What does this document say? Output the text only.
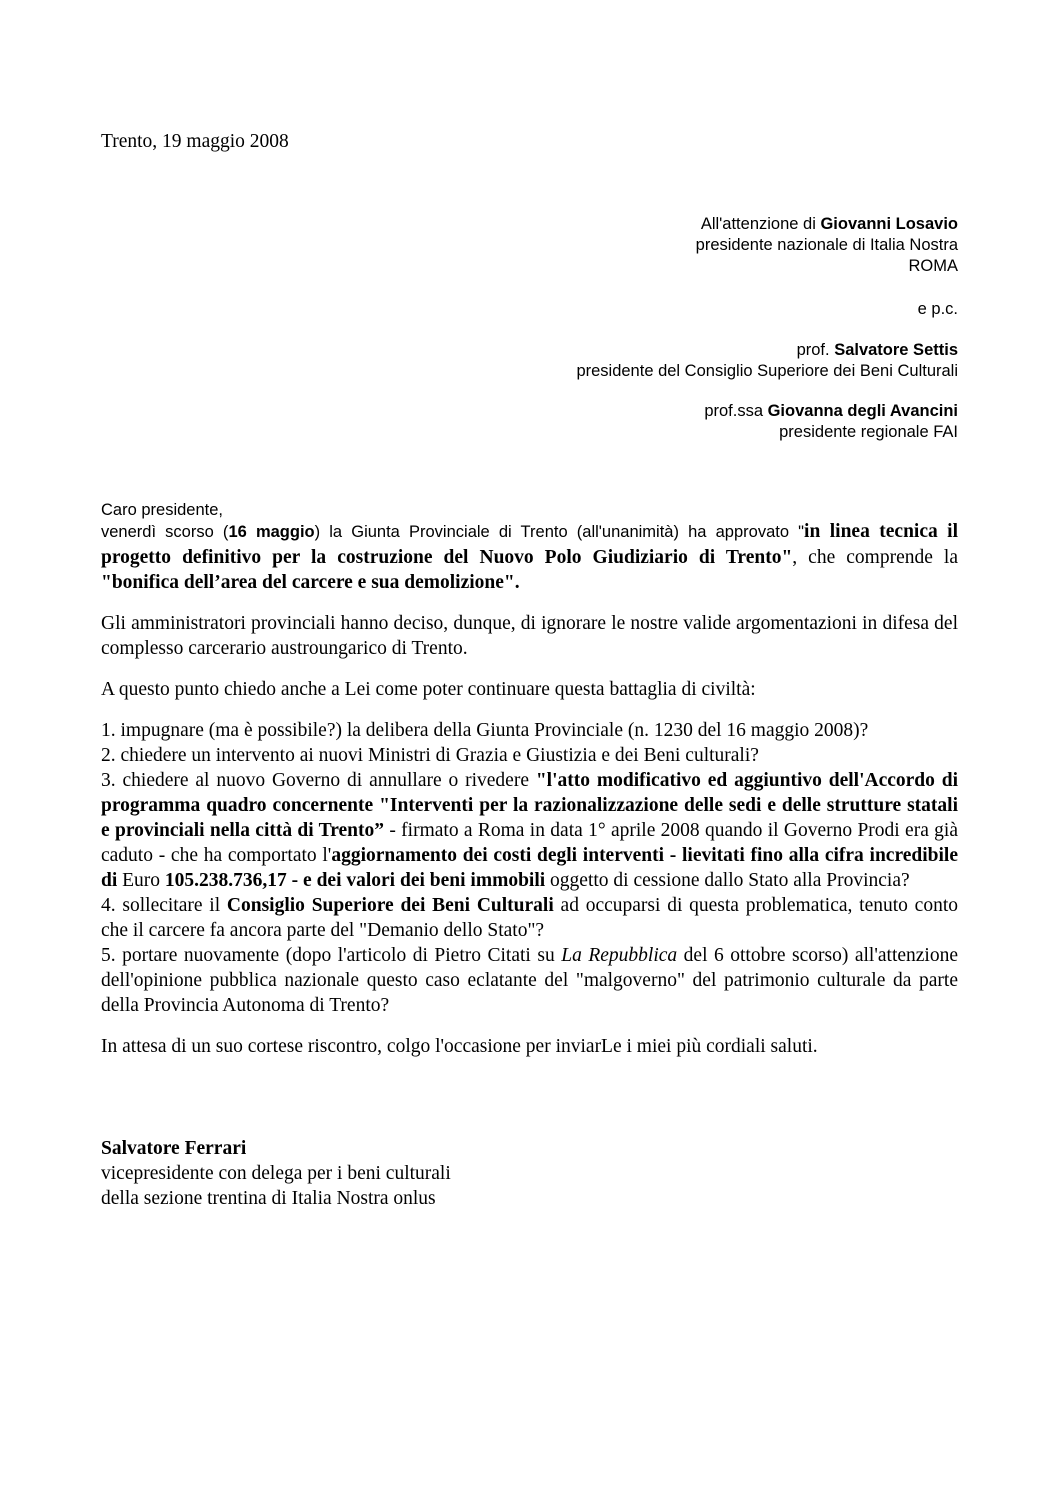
Trento, 19 maggio 2008

All'attenzione di Giovanni Losavio
presidente nazionale di Italia Nostra
ROMA
e p.c.
prof. Salvatore Settis
presidente del Consiglio Superiore dei Beni Culturali
prof.ssa Giovanna degli Avancini
presidente regionale FAI

Caro presidente,

venerdì scorso (16 maggio) la Giunta Provinciale di Trento (all'unanimità) ha approvato "in linea tecnica il progetto definitivo per la costruzione del Nuovo Polo Giudiziario di Trento", che comprende la "bonifica dell’area del carcere e sua demolizione".

Gli amministratori provinciali hanno deciso, dunque, di ignorare le nostre valide argomentazioni in difesa del complesso carcerario austroungarico di Trento.

A questo punto chiedo anche a Lei come poter continuare questa battaglia di civiltà:

1. impugnare (ma è possibile?) la delibera della Giunta Provinciale (n. 1230 del 16 maggio 2008)?

2. chiedere un intervento ai nuovi Ministri di Grazia e Giustizia e dei Beni culturali?

3. chiedere al nuovo Governo di annullare o rivedere "l'atto modificativo ed aggiuntivo dell'Accordo di programma quadro concernente "Interventi per la razionalizzazione delle sedi e delle strutture statali e provinciali nella città di Trento” - firmato a Roma in data 1° aprile 2008 quando il Governo Prodi era già caduto - che ha comportato l'aggiornamento dei costi degli interventi - lievitati fino alla cifra incredibile di Euro 105.238.736,17 - e dei valori dei beni immobili oggetto di cessione dallo Stato alla Provincia?

4. sollecitare il Consiglio Superiore dei Beni Culturali ad occuparsi di questa problematica, tenuto conto che il carcere fa ancora parte del "Demanio dello Stato"?

5. portare nuovamente (dopo l'articolo di Pietro Citati su La Repubblica del 6 ottobre scorso) all'attenzione dell'opinione pubblica nazionale questo caso eclatante del "malgoverno" del patrimonio culturale da parte della Provincia Autonoma di Trento?

In attesa di un suo cortese riscontro, colgo l'occasione per inviarLe i miei più cordiali saluti.

Salvatore Ferrari
vicepresidente con delega per i beni culturali
della sezione trentina di Italia Nostra onlus
